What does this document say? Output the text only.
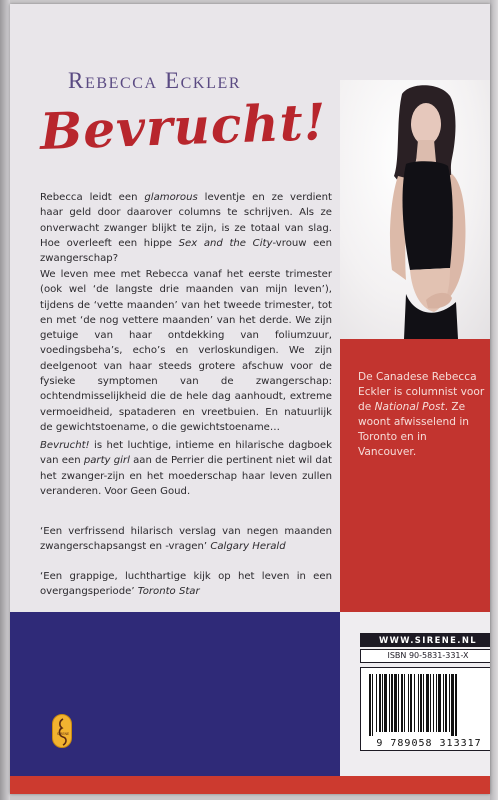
Rebecca Eckler
Bevrucht!
Rebecca leidt een glamorous leventje en ze verdient haar geld door daarover columns te schrijven. Als ze onverwacht zwanger blijkt te zijn, is ze totaal van slag. Hoe overleeft een hippe Sex and the City-vrouw een zwangerschap?
We leven mee met Rebecca vanaf het eerste trimester (ook wel ‘de langste drie maanden van mijn leven’), tijdens de ‘vette maanden’ van het tweede trimester, tot en met ‘de nog vettere maanden’ van het derde. We zijn getuige van haar ontdekking van foliumzuur, voedingsbeha’s, echo’s en verloskundigen. We zijn deelgenoot van haar steeds grotere afschuw voor de fysieke symptomen van de zwangerschap: ochtendmisselijkheid die de hele dag aanhoudt, extreme vermoeidheid, spataderen en vreetbuien. En natuurlijk de gewichtstoename, o die gewichtstoename…
Bevrucht! is het luchtige, intieme en hilarische dagboek van een party girl aan de Perrier die pertinent niet wil dat het zwanger-zijn en het moederschap haar leven zullen veranderen. Voor Geen Goud.
‘Een verfrissend hilarisch verslag van negen maanden zwangerschapsangst en -vragen’ Calgary Herald
‘Een grappige, luchthartige kijk op het leven in een overgangsperiode’ Toronto Star
De Canadese Rebecca Eckler is columnist voor de National Post. Ze woont afwisselend in Toronto en in Vancouver.
WWW.SIRENE.NL
ISBN 90-5831-331-X
9 789058 313317
SIRENE
